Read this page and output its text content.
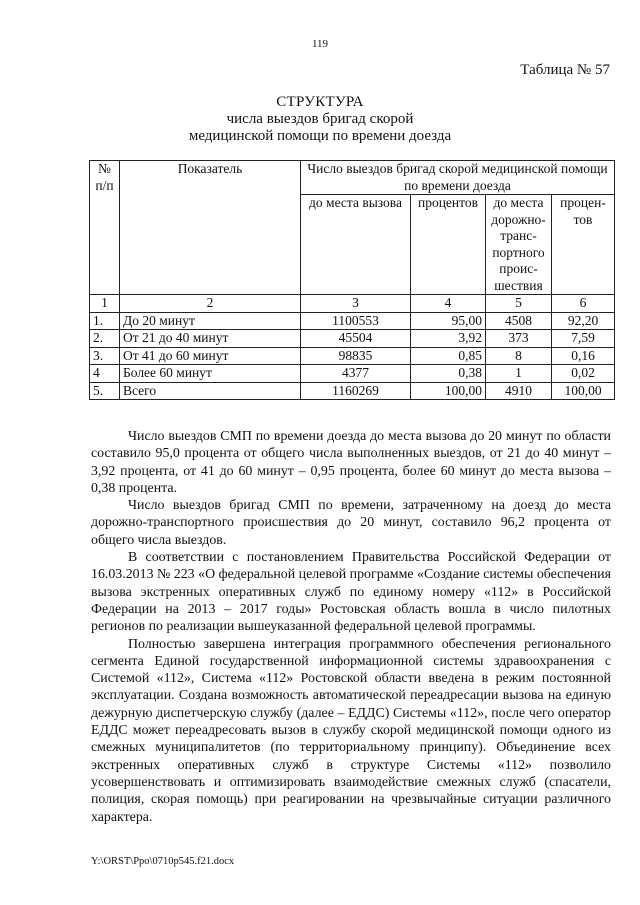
119
Таблица № 57
СТРУКТУРА
числа выездов бригад скорой
медицинской помощи по времени доезда
№ п/п	Показатель	Число выездов бригад скорой медицинской помощи по времени доезда			
		до места вызова	процентов	до места дорожно-транс-портного проис-шествия	процен-тов
1	2	3	4	5	6
1.	До 20 минут	1100553	95,00	4508	92,20
2.	От 21 до 40 минут	45504	3,92	373	7,59
3.	От 41 до 60 минут	98835	0,85	8	0,16
4	Более 60 минут	4377	0,38	1	0,02
5.	Всего	1160269	100,00	4910	100,00

Число выездов СМП по времени доезда до места вызова до 20 минут по области составило 95,0 процента от общего числа выполненных выездов, от 21 до 40 минут – 3,92 процента, от 41 до 60 минут – 0,95 процента, более 60 минут до места вызова – 0,38 процента.

Число выездов бригад СМП по времени, затраченному на доезд до места дорожно-транспортного происшествия до 20 минут, составило 96,2 процента от общего числа выездов.

В соответствии с постановлением Правительства Российской Федерации от 16.03.2013 № 223 «О федеральной целевой программе «Создание системы обеспечения вызова экстренных оперативных служб по единому номеру «112» в Российской Федерации на 2013 – 2017 годы» Ростовская область вошла в число пилотных регионов по реализации вышеуказанной федеральной целевой программы.

Полностью завершена интеграция программного обеспечения регионального сегмента Единой государственной информационной системы здравоохранения с Системой «112», Система «112» Ростовской области введена в режим постоянной эксплуатации. Создана возможность автоматической переадресации вызова на единую дежурную диспетчерскую службу (далее – ЕДДС) Системы «112», после чего оператор ЕДДС может переадресовать вызов в службу скорой медицинской помощи одного из смежных муниципалитетов (по территориальному принципу). Объединение всех экстренных оперативных служб в структуре Системы «112» позволило усовершенствовать и оптимизировать взаимодействие смежных служб (спасатели, полиция, скорая помощь) при реагировании на чрезвычайные ситуации различного характера.

Y:\ORST\Ppo\0710p545.f21.docx
